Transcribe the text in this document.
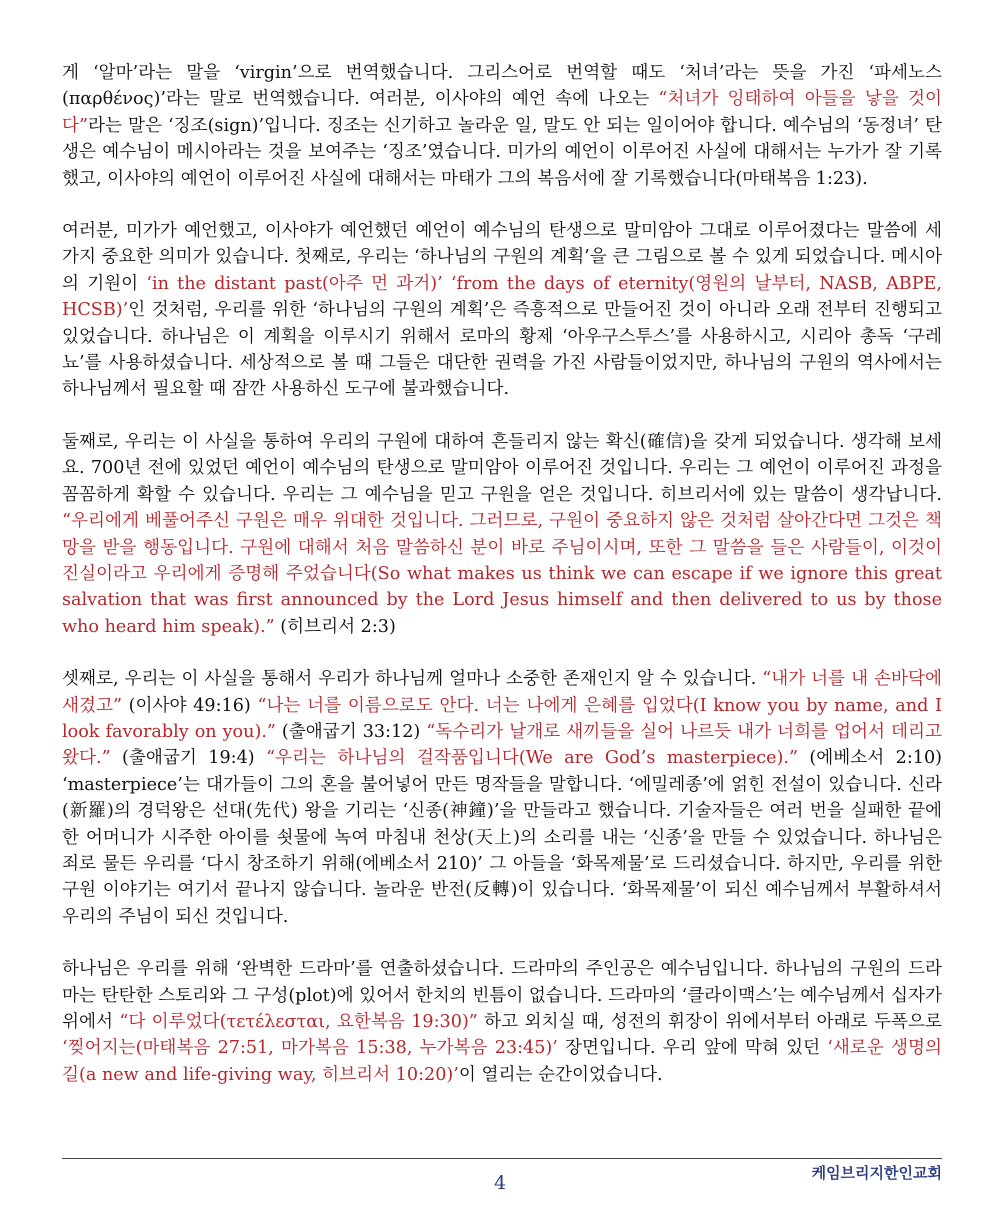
게 ‘알마’라는 말을 ‘virgin’으로 번역했습니다. 그리스어로 번역할 때도 ‘처녀’라는 뜻을 가진 ‘파세노스(παρθένος)’라는 말로 번역했습니다. 여러분, 이사야의 예언 속에 나오는 “처녀가 잉태하여 아들을 낳을 것이다”라는 말은 ‘징조(sign)’입니다. 징조는 신기하고 놀라운 일, 말도 안 되는 일이어야 합니다. 예수님의 ‘동정녀’ 탄생은 예수님이 메시아라는 것을 보여주는 ‘징조’였습니다. 미가의 예언이 이루어진 사실에 대해서는 누가가 잘 기록했고, 이사야의 예언이 이루어진 사실에 대해서는 마태가 그의 복음서에 잘 기록했습니다(마태복음 1:23).

여러분, 미가가 예언했고, 이사야가 예언했던 예언이 예수님의 탄생으로 말미암아 그대로 이루어졌다는 말씀에 세 가지 중요한 의미가 있습니다. 첫째로, 우리는 ‘하나님의 구원의 계획’을 큰 그림으로 볼 수 있게 되었습니다. 메시아의 기원이 ‘in the distant past(아주 먼 과거)’ ‘from the days of eternity(영원의 날부터, NASB, ABPE, HCSB)’인 것처럼, 우리를 위한 ‘하나님의 구원의 계획’은 즉흥적으로 만들어진 것이 아니라 오래 전부터 진행되고 있었습니다. 하나님은 이 계획을 이루시기 위해서 로마의 황제 ‘아우구스투스’를 사용하시고, 시리아 총독 ‘구레뇨’를 사용하셨습니다. 세상적으로 볼 때 그들은 대단한 권력을 가진 사람들이었지만, 하나님의 구원의 역사에서는 하나님께서 필요할 때 잠깐 사용하신 도구에 불과했습니다.

둘째로, 우리는 이 사실을 통하여 우리의 구원에 대하여 흔들리지 않는 확신(確信)을 갖게 되었습니다. 생각해 보세요. 700년 전에 있었던 예언이 예수님의 탄생으로 말미암아 이루어진 것입니다. 우리는 그 예언이 이루어진 과정을 꼼꼼하게 확할 수 있습니다. 우리는 그 예수님을 믿고 구원을 얻은 것입니다. 히브리서에 있는 말씀이 생각납니다. “우리에게 베풀어주신 구원은 매우 위대한 것입니다. 그러므로, 구원이 중요하지 않은 것처럼 살아간다면 그것은 책망을 받을 행동입니다. 구원에 대해서 처음 말씀하신 분이 바로 주님이시며, 또한 그 말씀을 들은 사람들이, 이것이 진실이라고 우리에게 증명해 주었습니다(So what makes us think we can escape if we ignore this great salvation that was first announced by the Lord Jesus himself and then delivered to us by those who heard him speak).” (히브리서 2:3)

셋째로, 우리는 이 사실을 통해서 우리가 하나님께 얼마나 소중한 존재인지 알 수 있습니다. “내가 너를 내 손바닥에 새겼고” (이사야 49:16) “나는 너를 이름으로도 안다. 너는 나에게 은혜를 입었다(I know you by name, and I look favorably on you).” (출애굽기 33:12) “독수리가 날개로 새끼들을 실어 나르듯 내가 너희를 업어서 데리고 왔다.” (출애굽기 19:4) “우리는 하나님의 걸작품입니다(We are God’s masterpiece).” (에베소서 2:10) ‘masterpiece’는 대가들이 그의 혼을 불어넣어 만든 명작들을 말합니다. ‘에밀레종’에 얽힌 전설이 있습니다. 신라(新羅)의 경덕왕은 선대(先代) 왕을 기리는 ‘신종(神鐘)’을 만들라고 했습니다. 기술자들은 여러 번을 실패한 끝에 한 어머니가 시주한 아이를 쇳물에 녹여 마침내 천상(天上)의 소리를 내는 ‘신종’을 만들 수 있었습니다. 하나님은 죄로 물든 우리를 ‘다시 창조하기 위해(에베소서 210)’ 그 아들을 ‘화목제물’로 드리셨습니다. 하지만, 우리를 위한 구원 이야기는 여기서 끝나지 않습니다. 놀라운 반전(反轉)이 있습니다. ‘화목제물’이 되신 예수님께서 부활하셔서 우리의 주님이 되신 것입니다.

하나님은 우리를 위해 ‘완벽한 드라마’를 연출하셨습니다. 드라마의 주인공은 예수님입니다. 하나님의 구원의 드라마는 탄탄한 스토리와 그 구성(plot)에 있어서 한치의 빈틈이 없습니다. 드라마의 ‘클라이맥스’는 예수님께서 십자가 위에서 “다 이루었다(τετέλεσται, 요한복음 19:30)” 하고 외치실 때, 성전의 휘장이 위에서부터 아래로 두폭으로 ‘찢어지는(마태복음 27:51, 마가복음 15:38, 누가복음 23:45)’ 장면입니다. 우리 앞에 막혀 있던 ‘새로운 생명의 길(a new and life-giving way, 히브리서 10:20)’이 열리는 순간이었습니다.

케임브리지한인교회
4
